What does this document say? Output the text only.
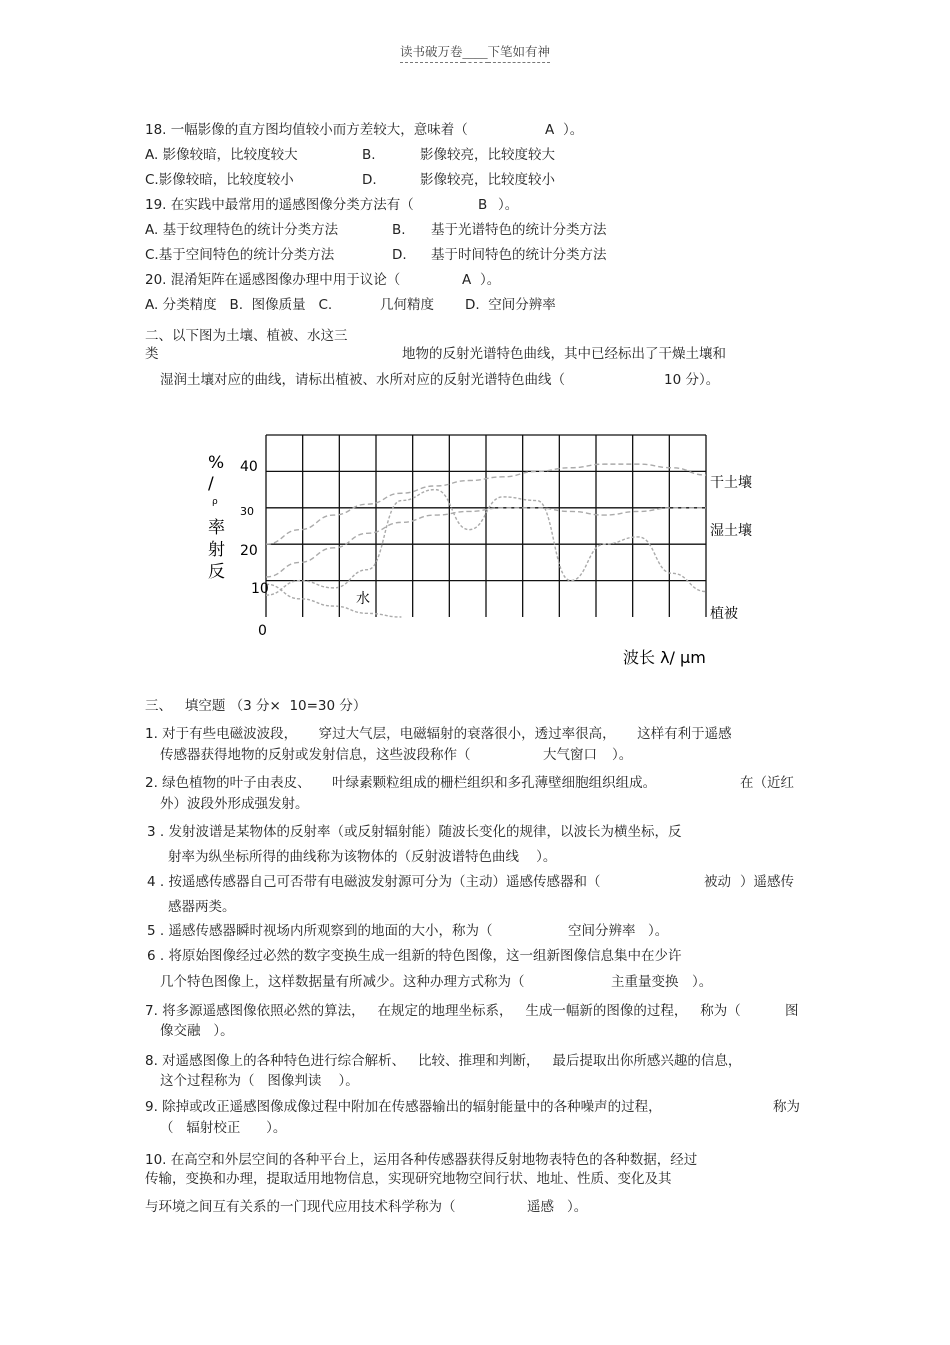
读书破万卷____下笔如有神
18. 一幅影像的直方图均值较小而方差较大，意味着（	A ）。
A. 影像较暗，比较度较大	B.	影像较亮，比较度较大
C.影像较暗，比较度较小	D.	影像较亮，比较度较小
19. 在实践中最常用的遥感图像分类方法有（	B ）。
A. 基于纹理特色的统计分类方法	B. 基于光谱特色的统计分类方法
C.基于空间特色的统计分类方法	D. 基于时间特色的统计分类方法
20. 混淆矩阵在遥感图像办理中用于议论（	A ）。
A. 分类精度   B.  图像质量   C.	几何精度 D.  空间分辨率
二、以下图为土壤、植被、水这三
类	地物的反射光谱特色曲线，其中已经标出了干燥土壤和
湿润土壤对应的曲线，请标出植被、水所对应的反射光谱特色曲线（	10 分）。
%
/
ρ
率
射
反
40
30
20
10
0
干土壤
湿土壤
植被
水
波长 λ/ μm
三、   填空题 （3 分×  10=30 分）
1. 对于有些电磁波波段，     穿过大气层，电磁辐射的衰落很小，透过率很高，     这样有利于遥感
传感器获得地物的反射或发射信息，这些波段称作（	大气窗口 ）。
2. 绿色植物的叶子由表皮、     叶绿素颗粒组成的栅栏组织和多孔薄壁细胞组织组成。	在（近红
外）波段外形成强发射。
3 . 发射波谱是某物体的反射率（或反射辐射能）随波长变化的规律，以波长为横坐标，反
射率为纵坐标所得的曲线称为该物体的（反射波谱特色曲线    ）。
4 . 按遥感传感器自己可否带有电磁波发射源可分为（主动）遥感传感器和（	被动 ）遥感传
感器两类。
5 . 遥感传感器瞬时视场内所观察到的地面的大小，称为（	空间分辨率 ）。
6 . 将原始图像经过必然的数字变换生成一组新的特色图像，这一组新图像信息集中在少许
几个特色图像上，这样数据量有所减少。这种办理方式称为（	主重量变换 ）。
7. 将多源遥感图像依照必然的算法，   在规定的地理坐标系，   生成一幅新的图像的过程，   称为（	图
像交融   ）。
8. 对遥感图像上的各种特色进行综合解析、   比较、推理和判断，   最后提取出你所感兴趣的信息，
这个过程称为（   图像判读    ）。
9. 除掉或改正遥感图像成像过程中附加在传感器输出的辐射能量中的各种噪声的过程，	称为
（   辐射校正      ）。
10. 在高空和外层空间的各种平台上，运用各种传感器获得反射地物表特色的各种数据，经过
传输，变换和办理，提取适用地物信息，实现研究地物空间行状、地址、性质、变化及其
与环境之间互有关系的一门现代应用技术科学称为（	遥感 ）。
